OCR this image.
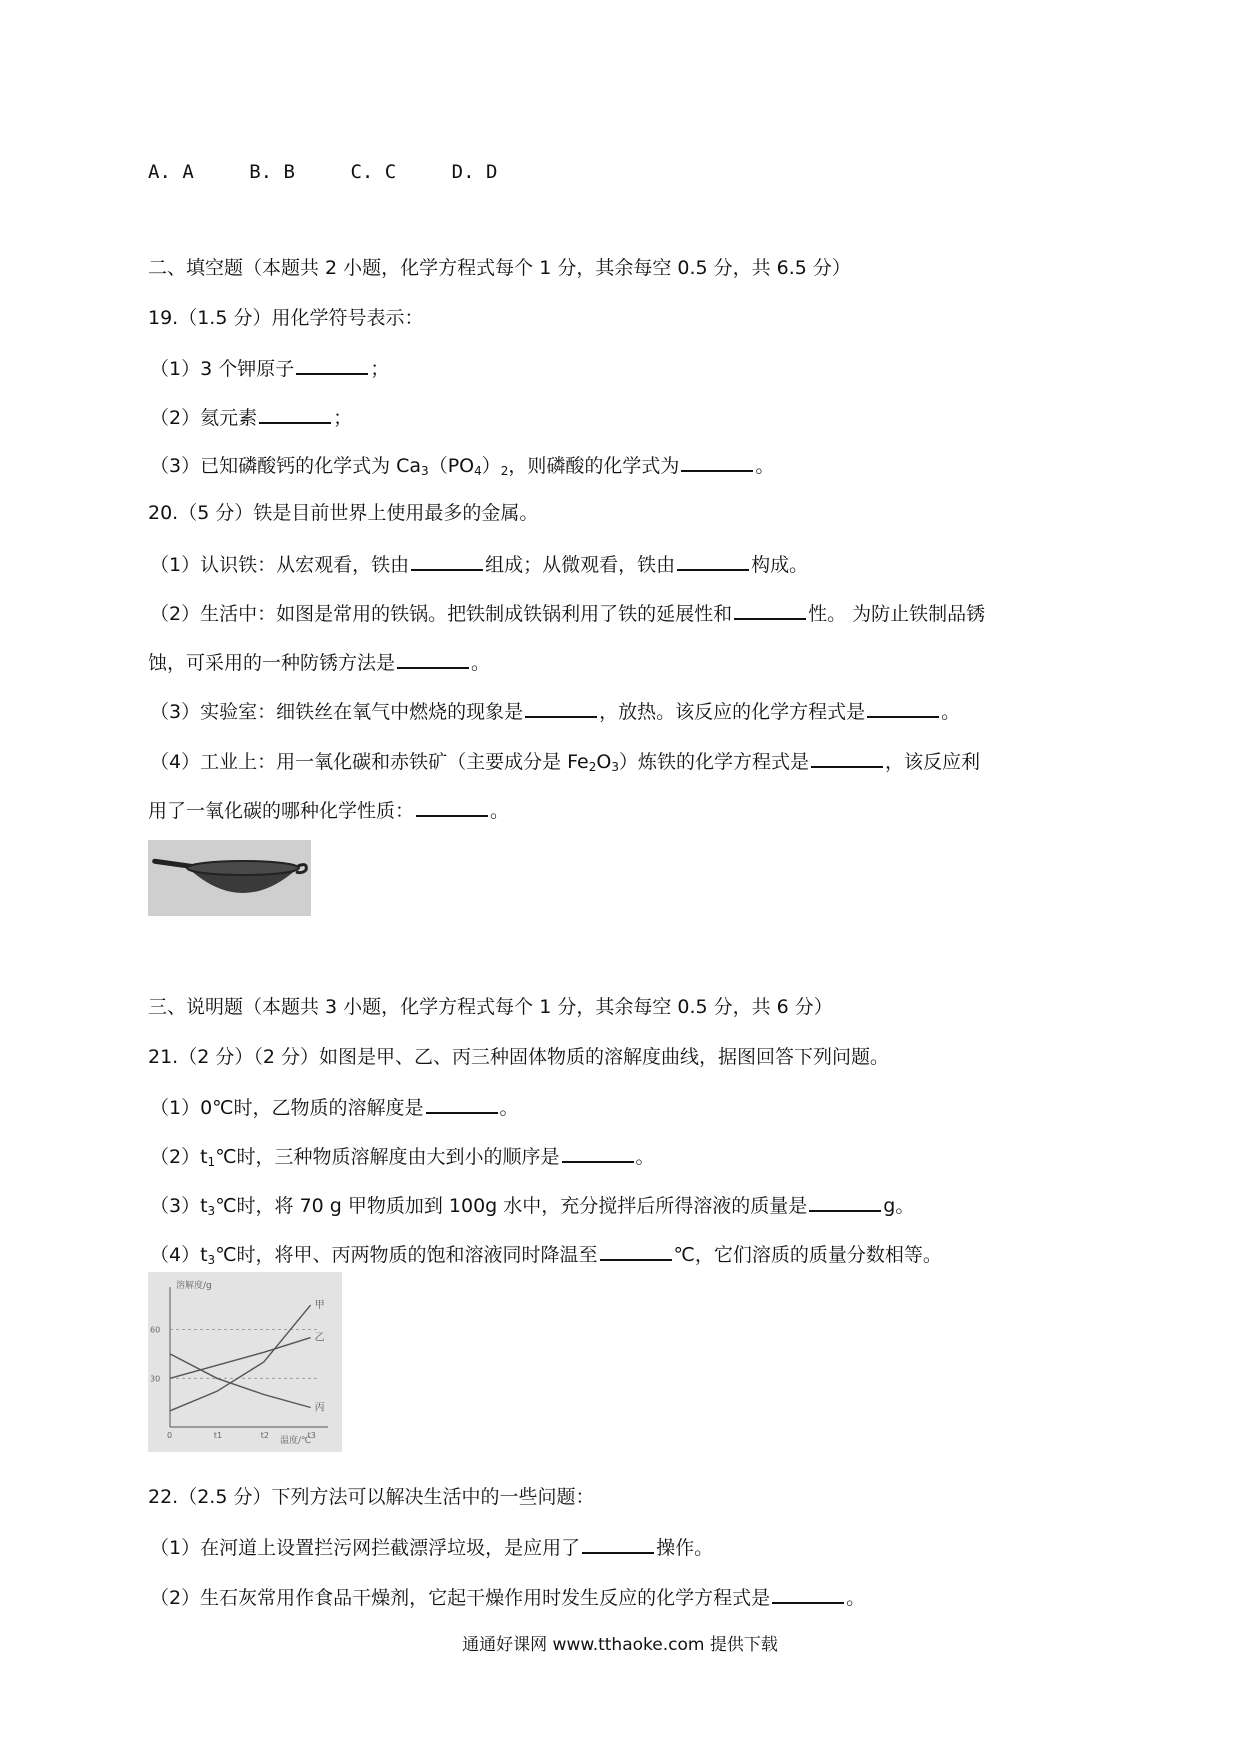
A. A	B. B	C. C	D. D
二、填空题（本题共 2 小题，化学方程式每个 1 分，其余每空 0.5 分，共 6.5 分）
19.（1.5 分）用化学符号表示：
（1）3 个钾原子	；
（2）氦元素	；
（3）已知磷酸钙的化学式为 $Ca_3(PO_4)_2$，则磷酸的化学式为	。
20.（5 分）铁是目前世界上使用最多的金属。
（1）认识铁：从宏观看，铁由	组成；从微观看，铁由	构成。
（2）生活中：如图是常用的铁锅。把铁制成铁锅利用了铁的延展性和	性。 为防止铁制品锈
蚀，可采用的一种防锈方法是	。
（3）实验室：细铁丝在氧气中燃烧的现象是	，放热。该反应的化学方程式是	。
（4）工业上：用一氧化碳和赤铁矿（主要成分是 $Fe_2O_3$）炼铁的化学方程式是	，该反应利
用了一氧化碳的哪种化学性质：	。
三、说明题（本题共 3 小题，化学方程式每个 1 分，其余每空 0.5 分，共 6 分）
21.（2 分）（2 分）如图是甲、乙、丙三种固体物质的溶解度曲线，据图回答下列问题。
（1）0℃时，乙物质的溶解度是	。
$(2)t_1℃$时，三种物质溶解度由大到小的顺序是	。
$(3)t_3℃$时，将 70 g 甲物质加到 100g 水中，充分搅拌后所得溶液的质量是	g。
$(4)t_3℃$时，将甲、丙两物质的饱和溶液同时降温至	℃，它们溶质的质量分数相等。
溶解度/g
温度/℃
60
30
0	t1	t2	t3
甲
乙
丙
22.（2.5 分）下列方法可以解决生活中的一些问题：
（1）在河道上设置拦污网拦截漂浮垃圾，是应用了	操作。
（2）生石灰常用作食品干燥剂，它起干燥作用时发生反应的化学方程式是	。
通通好课网 www.tthaoke.com 提供下载
